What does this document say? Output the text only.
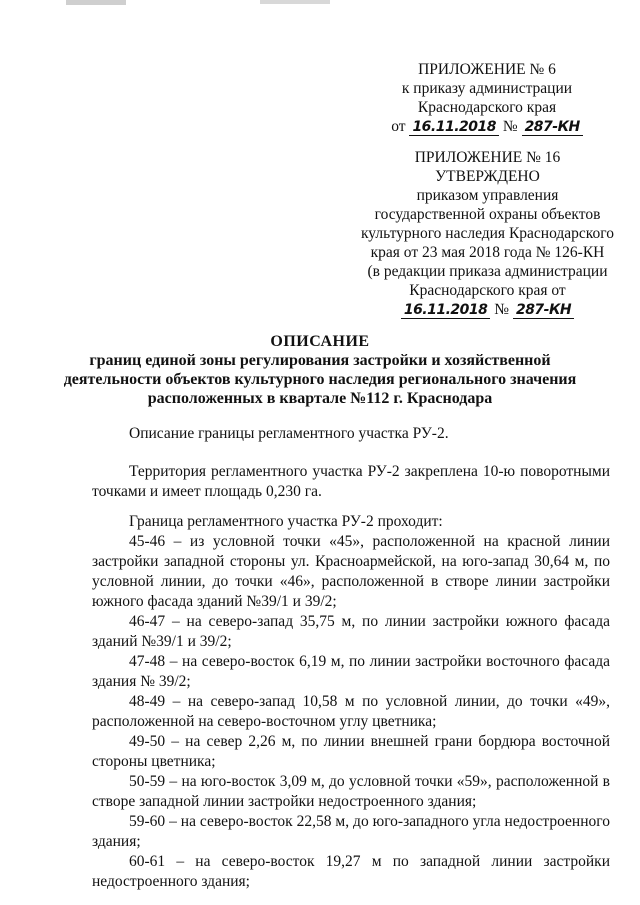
ПРИЛОЖЕНИЕ № 6
к приказу администрации
Краснодарского края
от 16.11.2018 № 287-КН
ПРИЛОЖЕНИЕ № 16
УТВЕРЖДЕНО
приказом управления
государственной охраны объектов
культурного наследия Краснодарского
края от 23 мая 2018 года № 126-КН
(в редакции приказа администрации
Краснодарского края от
16.11.2018 № 287-КН
ОПИСАНИЕ
границ единой зоны регулирования застройки и хозяйственной
деятельности объектов культурного наследия регионального значения
расположенных в квартале №112 г. Краснодара
Описание границы регламентного участка РУ-2.
Территория регламентного участка РУ-2 закреплена 10-ю поворотными точками и имеет площадь 0,230 га.

Граница регламентного участка РУ-2 проходит:

45-46 – из условной точки «45», расположенной на красной линии застройки западной стороны ул. Красноармейской, на юго-запад 30,64 м, по условной линии, до точки «46», расположенной в створе линии застройки южного фасада зданий №39/1 и 39/2;

46-47 – на северо-запад 35,75 м, по линии застройки южного фасада зданий №39/1 и 39/2;

47-48 – на северо-восток 6,19 м, по линии застройки восточного фасада здания № 39/2;

48-49 – на северо-запад 10,58 м по условной линии, до точки «49», расположенной на северо-восточном углу цветника;

49-50 – на север 2,26 м, по линии внешней грани бордюра восточной стороны цветника;

50-59 – на юго-восток 3,09 м, до условной точки «59», расположенной в створе западной линии застройки недостроенного здания;

59-60 – на северо-восток 22,58 м, до юго-западного угла недостроенного здания;

60-61 – на северо-восток 19,27 м по западной линии застройки недостроенного здания;
